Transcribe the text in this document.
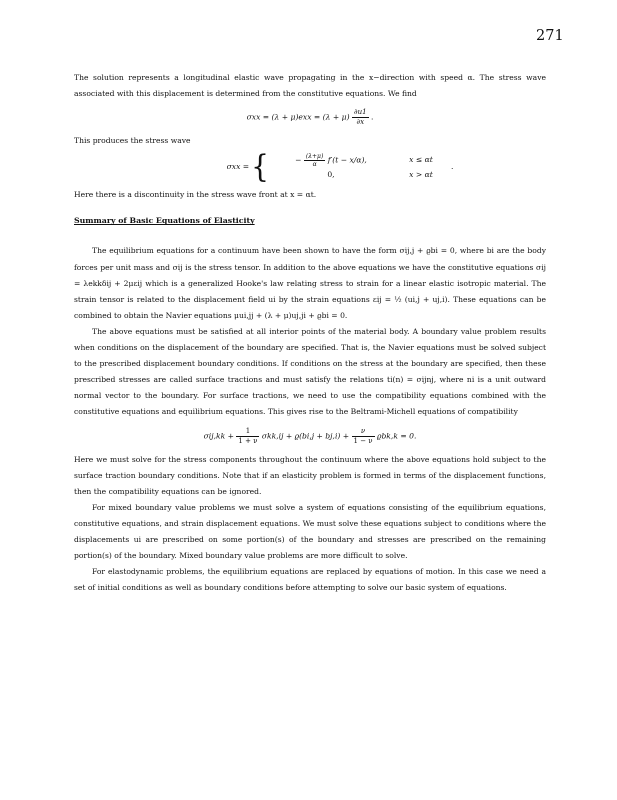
271

The solution represents a longitudinal elastic wave propagating in the x−direction with speed α. The stress wave associated with this displacement is determined from the constitutive equations. We find

$\sigma xx = (\lambda + \mu)exx = (\lambda + \mu) \frac{\partial u1}{\partial x}$ .

This produces the stress wave

σxx = {	− $\frac{(\lambda+\mu)}{\alpha} f'(t - x/\alpha)$,	x ≤ αt
0,	x > αt
.

Here there is a discontinuity in the stress wave front at x = αt.

Summary of Basic Equations of Elasticity

The equilibrium equations for a continuum have been shown to have the form σij,j + ϱbi = 0, where bi are the body forces per unit mass and σij is the stress tensor. In addition to the above equations we have the constitutive equations σij = λekkδij + 2μεij which is a generalized Hooke's law relating stress to strain for a linear elastic isotropic material. The strain tensor is related to the displacement field ui by the strain equations εij = ½ (ui,j + uj,i). These equations can be combined to obtain the Navier equations μui,jj + (λ + μ)uj,ji + ϱbi = 0.

The above equations must be satisfied at all interior points of the material body. A boundary value problem results when conditions on the displacement of the boundary are specified. That is, the Navier equations must be solved subject to the prescribed displacement boundary conditions. If conditions on the stress at the boundary are specified, then these prescribed stresses are called surface tractions and must satisfy the relations ti(n) = σijnj, where ni is a unit outward normal vector to the boundary. For surface tractions, we need to use the compatibility equations combined with the constitutive equations and equilibrium equations. This gives rise to the Beltrami-Michell equations of compatibility

$\sigma ij,kk + \frac{1}{1 + \nu} \sigma kk,ij + ϱ(bi,j + bj,i) + \frac{\nu}{1 - \nu} ϱbk,k = 0$.

Here we must solve for the stress components throughout the continuum where the above equations hold subject to the surface traction boundary conditions. Note that if an elasticity problem is formed in terms of the displacement functions, then the compatibility equations can be ignored.

For mixed boundary value problems we must solve a system of equations consisting of the equilibrium equations, constitutive equations, and strain displacement equations. We must solve these equations subject to conditions where the displacements ui are prescribed on some portion(s) of the boundary and stresses are prescribed on the remaining portion(s) of the boundary. Mixed boundary value problems are more difficult to solve.

For elastodynamic problems, the equilibrium equations are replaced by equations of motion. In this case we need a set of initial conditions as well as boundary conditions before attempting to solve our basic system of equations.
